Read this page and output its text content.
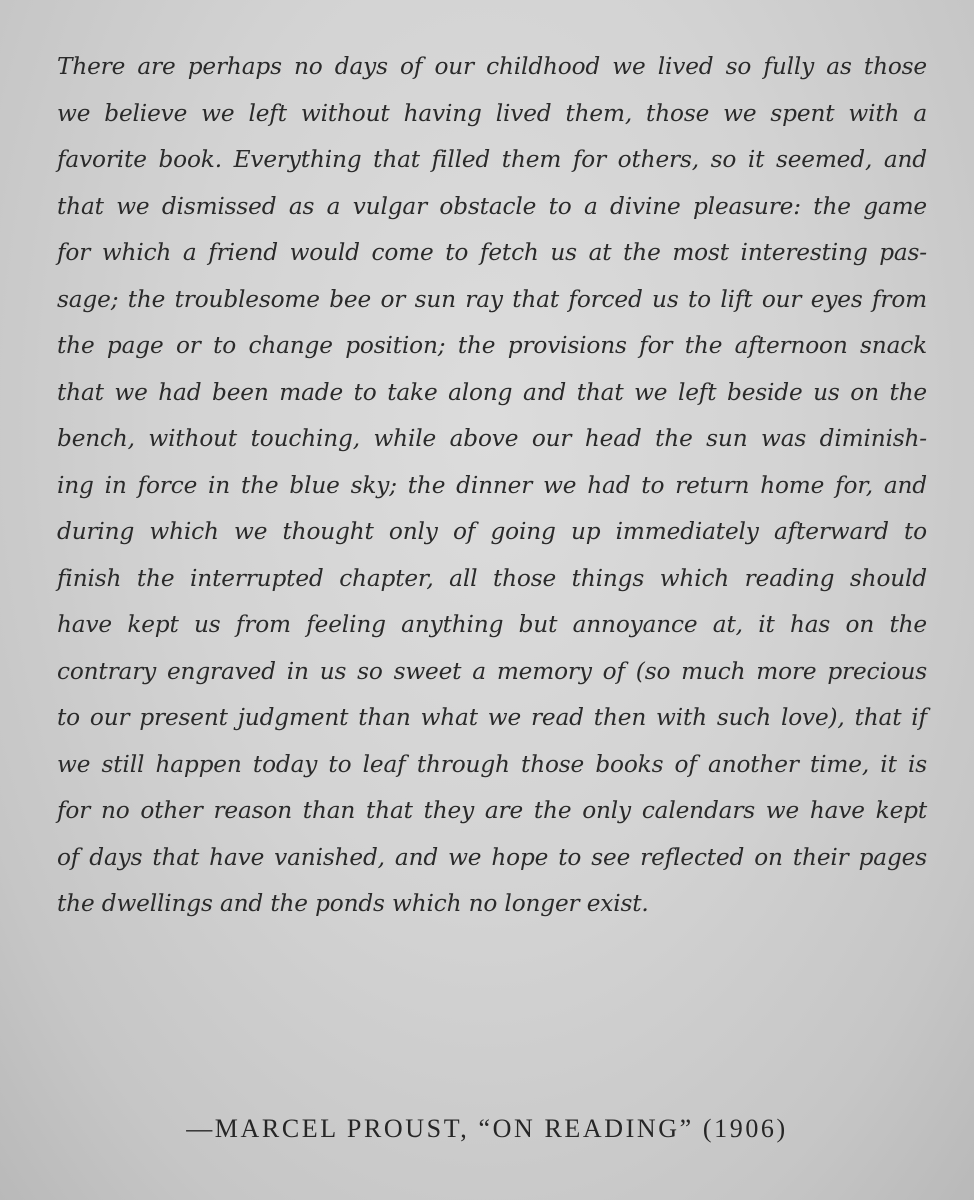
There are perhaps no days of our childhood we lived so fully as those
we believe we left without having lived them, those we spent with a
favorite book. Everything that filled them for others, so it seemed, and
that we dismissed as a vulgar obstacle to a divine pleasure: the game
for which a friend would come to fetch us at the most interesting pas-
sage; the troublesome bee or sun ray that forced us to lift our eyes from
the page or to change position; the provisions for the afternoon snack
that we had been made to take along and that we left beside us on the
bench, without touching, while above our head the sun was diminish-
ing in force in the blue sky; the dinner we had to return home for, and
during which we thought only of going up immediately afterward to
finish the interrupted chapter, all those things which reading should
have kept us from feeling anything but annoyance at, it has on the
contrary engraved in us so sweet a memory of (so much more precious
to our present judgment than what we read then with such love), that if
we still happen today to leaf through those books of another time, it is
for no other reason than that they are the only calendars we have kept
of days that have vanished, and we hope to see reflected on their pages
the dwellings and the ponds which no longer exist.
—MARCEL PROUST, “ON READING” (1906)
